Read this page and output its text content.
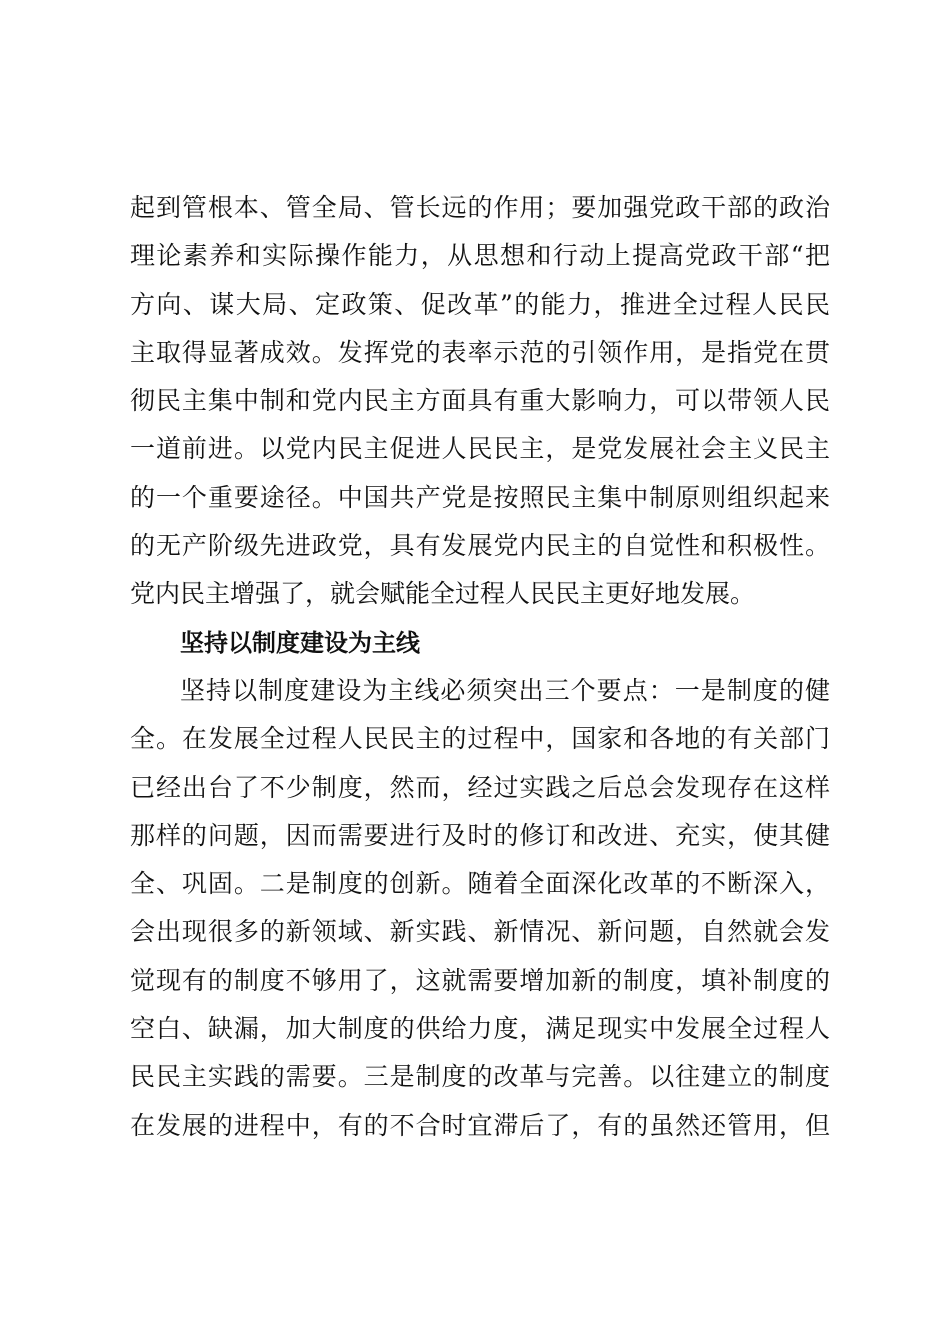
起到管根本、管全局、管长远的作用；要加强党政干部的政治
理论素养和实际操作能力，从思想和行动上提高党政干部“把
方向、谋大局、定政策、促改革”的能力，推进全过程人民民
主取得显著成效。发挥党的表率示范的引领作用，是指党在贯
彻民主集中制和党内民主方面具有重大影响力，可以带领人民
一道前进。以党内民主促进人民民主，是党发展社会主义民主
的一个重要途径。中国共产党是按照民主集中制原则组织起来
的无产阶级先进政党，具有发展党内民主的自觉性和积极性。
党内民主增强了，就会赋能全过程人民民主更好地发展。
坚持以制度建设为主线
坚持以制度建设为主线必须突出三个要点：一是制度的健
全。在发展全过程人民民主的过程中，国家和各地的有关部门
已经出台了不少制度，然而，经过实践之后总会发现存在这样
那样的问题，因而需要进行及时的修订和改进、充实，使其健
全、巩固。二是制度的创新。随着全面深化改革的不断深入，
会出现很多的新领域、新实践、新情况、新问题，自然就会发
觉现有的制度不够用了，这就需要增加新的制度，填补制度的
空白、缺漏，加大制度的供给力度，满足现实中发展全过程人
民民主实践的需要。三是制度的改革与完善。以往建立的制度
在发展的进程中，有的不合时宜滞后了，有的虽然还管用，但
